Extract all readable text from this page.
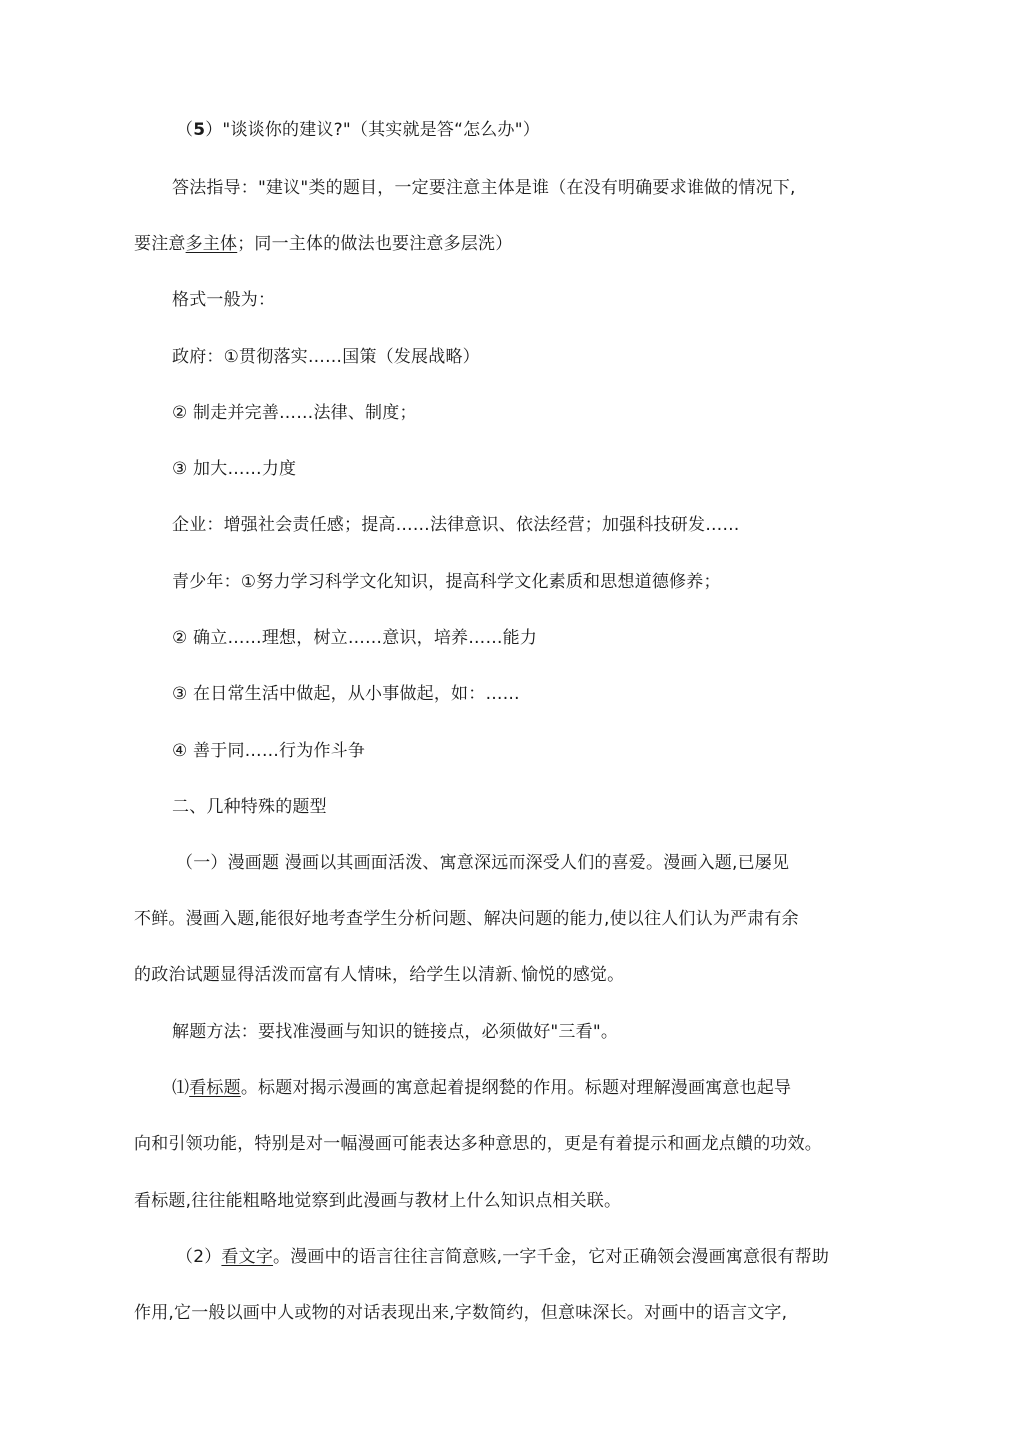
（5）"谈谈你的建议?"（其实就是答“怎么办"）
答法指导："建议"类的题目，一定要注意主体是谁（在没有明确要求谁做的情况下,
要注意多主体；同一主体的做法也要注意多层洗）
格式一般为：
政府：①贯彻落实……国策（发展战略）
② 制走并完善……法律、制度；
③ 加大……力度
企业：增强社会责任感；提高……法律意识、依法经营；加强科技研发……
青少年：①努力学习科学文化知识，提高科学文化素质和思想道德修养；
② 确立……理想，树立……意识，培养……能力
③ 在日常生活中做起，从小事做起，如：……
④ 善于同……行为作斗争
二、几种特殊的题型
（一）漫画题 漫画以其画面活泼、寓意深远而深受人们的喜爱。漫画入题,已屡见
不鲜。漫画入题,能很好地考查学生分析问题、解决问题的能力,使以往人们认为严肃有余
的政治试题显得活泼而富有人情味，给学生以清新､愉悦的感觉。
解题方法：要找准漫画与知识的链接点，必须做好"三看"。
⑴看标题。标题对揭示漫画的寓意起着提纲甃的作用。标题对理解漫画寓意也起导
向和引领功能，特别是对一幅漫画可能表达多种意思的，更是有着提示和画龙点饋的功效。
看标题,往往能粗略地觉察到此漫画与教材上什么知识点相关联。
（2）看文字。漫画中的语言往往言简意赅,一字千金，它对正确领会漫画寓意很有帮助
作用,它一般以画中人或物的对话表现出来,字数简约，但意味深长。对画中的语言文字,
